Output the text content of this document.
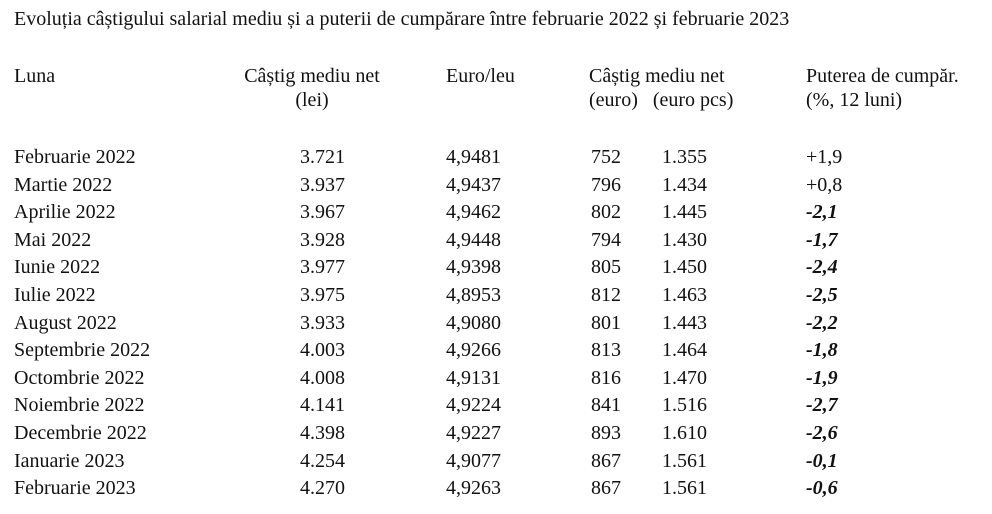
Evoluția câștigului salarial mediu și a puterii de cumpărare între februarie 2022 și februarie 2023
Luna	Câștig mediu net
(lei)
Euro/leu	Câștig mediu net
(euro)   (euro pcs)
Puterea de cumpăr.
(%, 12 luni)
Februarie 2022	3.721	4,9481	752 1.355	+1,9
Martie 2022	3.937	4,9437	796 1.434	+0,8
Aprilie 2022	3.967	4,9462	802 1.445	-2,1
Mai 2022	3.928	4,9448	794 1.430	-1,7
Iunie 2022	3.977	4,9398	805 1.450	-2,4
Iulie 2022	3.975	4,8953	812 1.463	-2,5
August 2022	3.933	4,9080	801 1.443	-2,2
Septembrie 2022	4.003	4,9266	813 1.464	-1,8
Octombrie 2022	4.008	4,9131	816 1.470	-1,9
Noiembrie 2022	4.141	4,9224	841 1.516	-2,7
Decembrie 2022	4.398	4,9227	893 1.610	-2,6
Ianuarie 2023	4.254	4,9077	867 1.561	-0,1
Februarie 2023	4.270	4,9263	867 1.561	-0,6
